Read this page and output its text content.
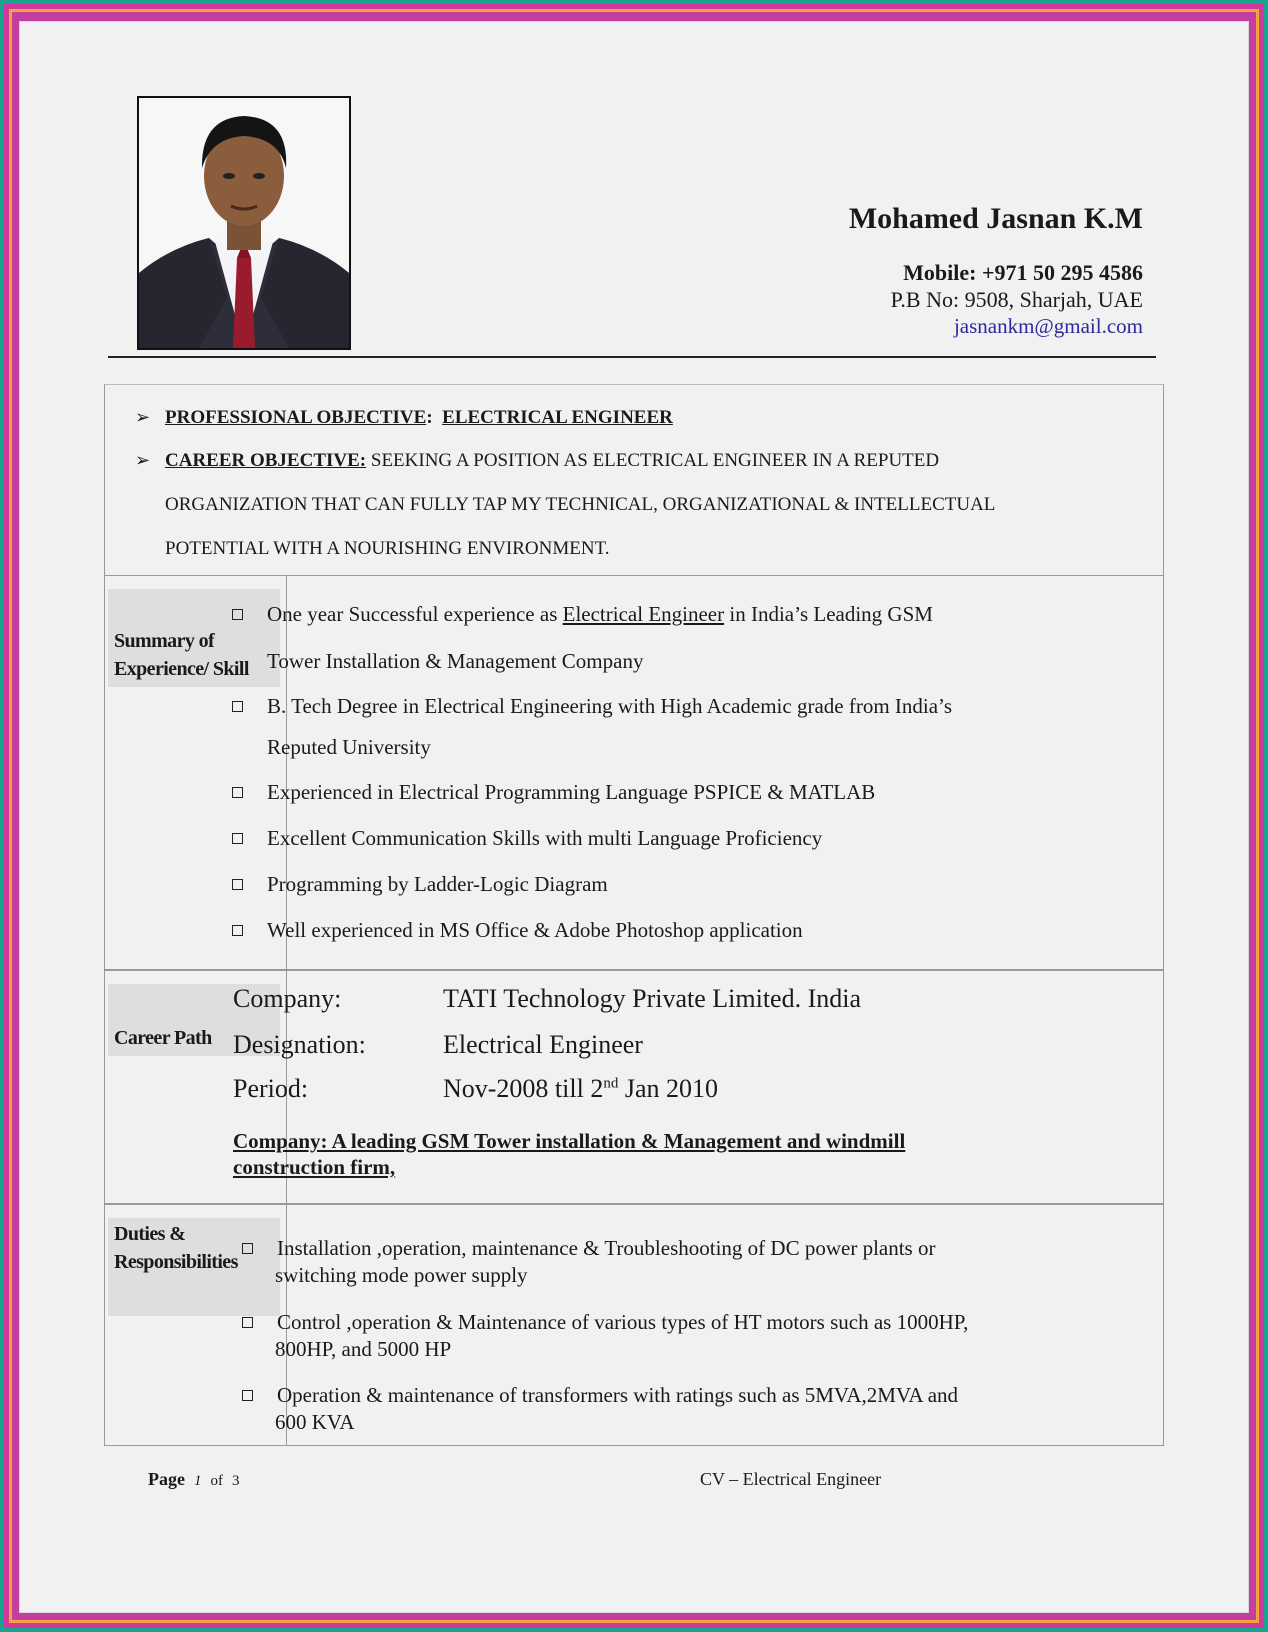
Mohamed Jasnan K.M
Mobile: +971 50 295 4586
P.B No: 9508, Sharjah, UAE
jasnankm@gmail.com
➢ PROFESSIONAL OBJECTIVE: ELECTRICAL ENGINEER
➢ CAREER OBJECTIVE: SEEKING A POSITION AS ELECTRICAL ENGINEER IN A REPUTED
ORGANIZATION THAT CAN FULLY TAP MY TECHNICAL, ORGANIZATIONAL & INTELLECTUAL
POTENTIAL WITH A NOURISHING ENVIRONMENT.
Summary of
Experience/ Skill
One year Successful experience as Electrical Engineer in India’s Leading GSM
Tower Installation & Management Company
B. Tech Degree in Electrical Engineering with High Academic grade from India’s
Reputed University
Experienced in Electrical Programming Language PSPICE & MATLAB
Excellent Communication Skills with multi Language Proficiency
Programming by Ladder-Logic Diagram
Well experienced in MS Office & Adobe Photoshop application
Career Path
Company:	TATI Technology Private Limited. India
Designation:	Electrical Engineer
Period:	Nov-2008 till 2nd Jan 2010
Company: A leading GSM Tower installation & Management and windmill
construction firm,
Duties &
Responsibilities
Installation ,operation, maintenance & Troubleshooting of DC power plants or
switching mode power supply
Control ,operation & Maintenance of various types of HT motors such as 1000HP,
800HP, and 5000 HP
Operation & maintenance of transformers with ratings such as 5MVA,2MVA and
600 KVA
Page 1 of 3	CV – Electrical Engineer
